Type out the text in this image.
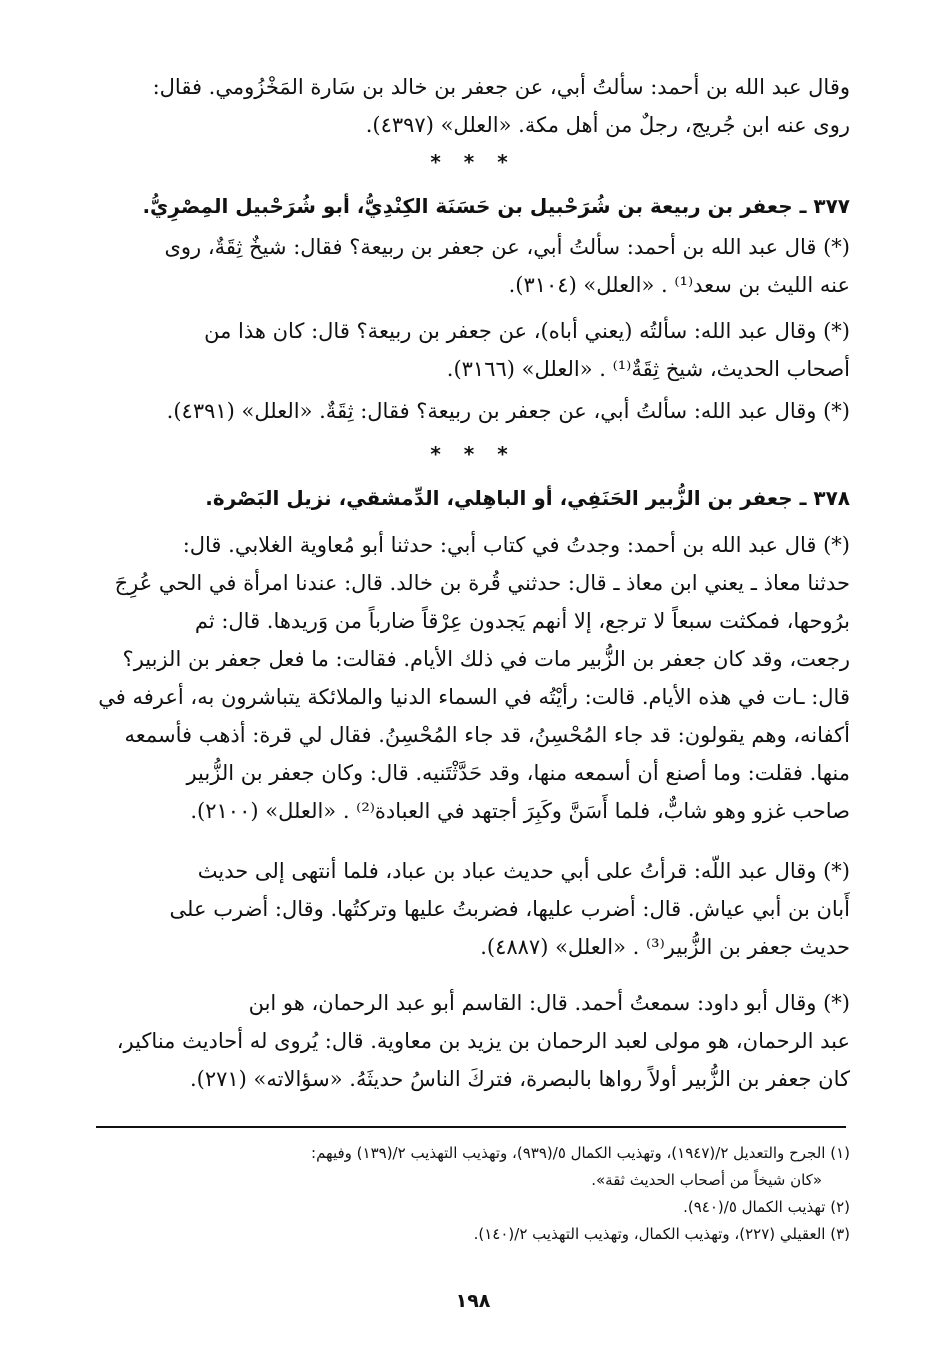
وقال عبد الله بن أحمد: سألتُ أبي، عن جعفر بن خالد بن سَارة المَخْزُومي. فقال:
روى عنه ابن جُريج، رجلٌ من أهل مكة. «العلل» (٤٣٩٧).
* * *
٣٧٧ ـ جعفر بن ربيعة بن شُرَحْبيل بن حَسَنَة الكِنْدِيُّ، أبو شُرَحْبيل المِصْرِيُّ.
(*) قال عبد الله بن أحمد: سألتُ أبي، عن جعفر بن ربيعة؟ فقال: شيخٌ ثِقَةٌ، روى
عنه الليث بن سعد⁽¹⁾ . «العلل» (٣١٠٤).
(*) وقال عبد الله: سألتُه (يعني أباه)، عن جعفر بن ربيعة؟ قال: كان هذا من
أصحاب الحديث، شيخ ثِقَةٌ⁽¹⁾ . «العلل» (٣١٦٦).
(*) وقال عبد الله: سألتُ أبي، عن جعفر بن ربيعة؟ فقال: ثِقَةٌ. «العلل» (٤٣٩١).
* * *
٣٧٨ ـ جعفر بن الزُّبير الحَنَفِي، أو الباهِلي، الدِّمشقي، نزيل البَصْرة.
(*) قال عبد الله بن أحمد: وجدتُ في كتاب أبي: حدثنا أبو مُعاوية الغلابي. قال:
حدثنا معاذ ـ يعني ابن معاذ ـ قال: حدثني قُرة بن خالد. قال: عندنا امرأة في الحي عُرِجَ
برُوحها، فمكثت سبعاً لا ترجع، إلا أنهم يَجدون عِرْقاً ضارباً من وَريدها. قال: ثم
رجعت، وقد كان جعفر بن الزُّبير مات في ذلك الأيام. فقالت: ما فعل جعفر بن الزبير؟
قال: ـات في هذه الأيام. قالت: رأيْتُه في السماء الدنيا والملائكة يتباشرون به، أعرفه في
أكفانه، وهم يقولون: قد جاء المُحْسِنُ، قد جاء المُحْسِنُ. فقال لي قرة: أذهب فأسمعه
منها. فقلت: وما أصنع أن أسمعه منها، وقد حَدَّثْتَنيه. قال: وكان جعفر بن الزُّبير
صاحب غزو وهو شابٌّ، فلما أَسَنَّ وكَبِرَ أجتهد في العبادة⁽²⁾ . «العلل» (٢١٠٠).
(*) وقال عبد اللّه: قرأتُ على أبي حديث عباد بن عباد، فلما أنتهى إلى حديث
أَبان بن أبي عياش. قال: أضرب عليها، فضربتُ عليها وتركتُها. وقال: أضرب على
حديث جعفر بن الزُّبير⁽³⁾ . «العلل» (٤٨٨٧).
(*) وقال أبو داود: سمعتُ أحمد. قال: القاسم أبو عبد الرحمان، هو ابن
عبد الرحمان، هو مولى لعبد الرحمان بن يزيد بن معاوية. قال: يُروى له أحاديث مناكير،
كان جعفر بن الزُّبير أولاً رواها بالبصرة، فتركَ الناسُ حديثَهُ. «سؤالاته» (٢٧١).
(١) الجرح والتعديل ٢/(١٩٤٧)، وتهذيب الكمال ٥/(٩٣٩)، وتهذيب التهذيب ٢/(١٣٩) وفيهم:
«كان شيخاً من أصحاب الحديث ثقة».
(٢) تهذيب الكمال ٥/(٩٤٠).
(٣) العقيلي (٢٢٧)، وتهذيب الكمال، وتهذيب التهذيب ٢/(١٤٠).
١٩٨
